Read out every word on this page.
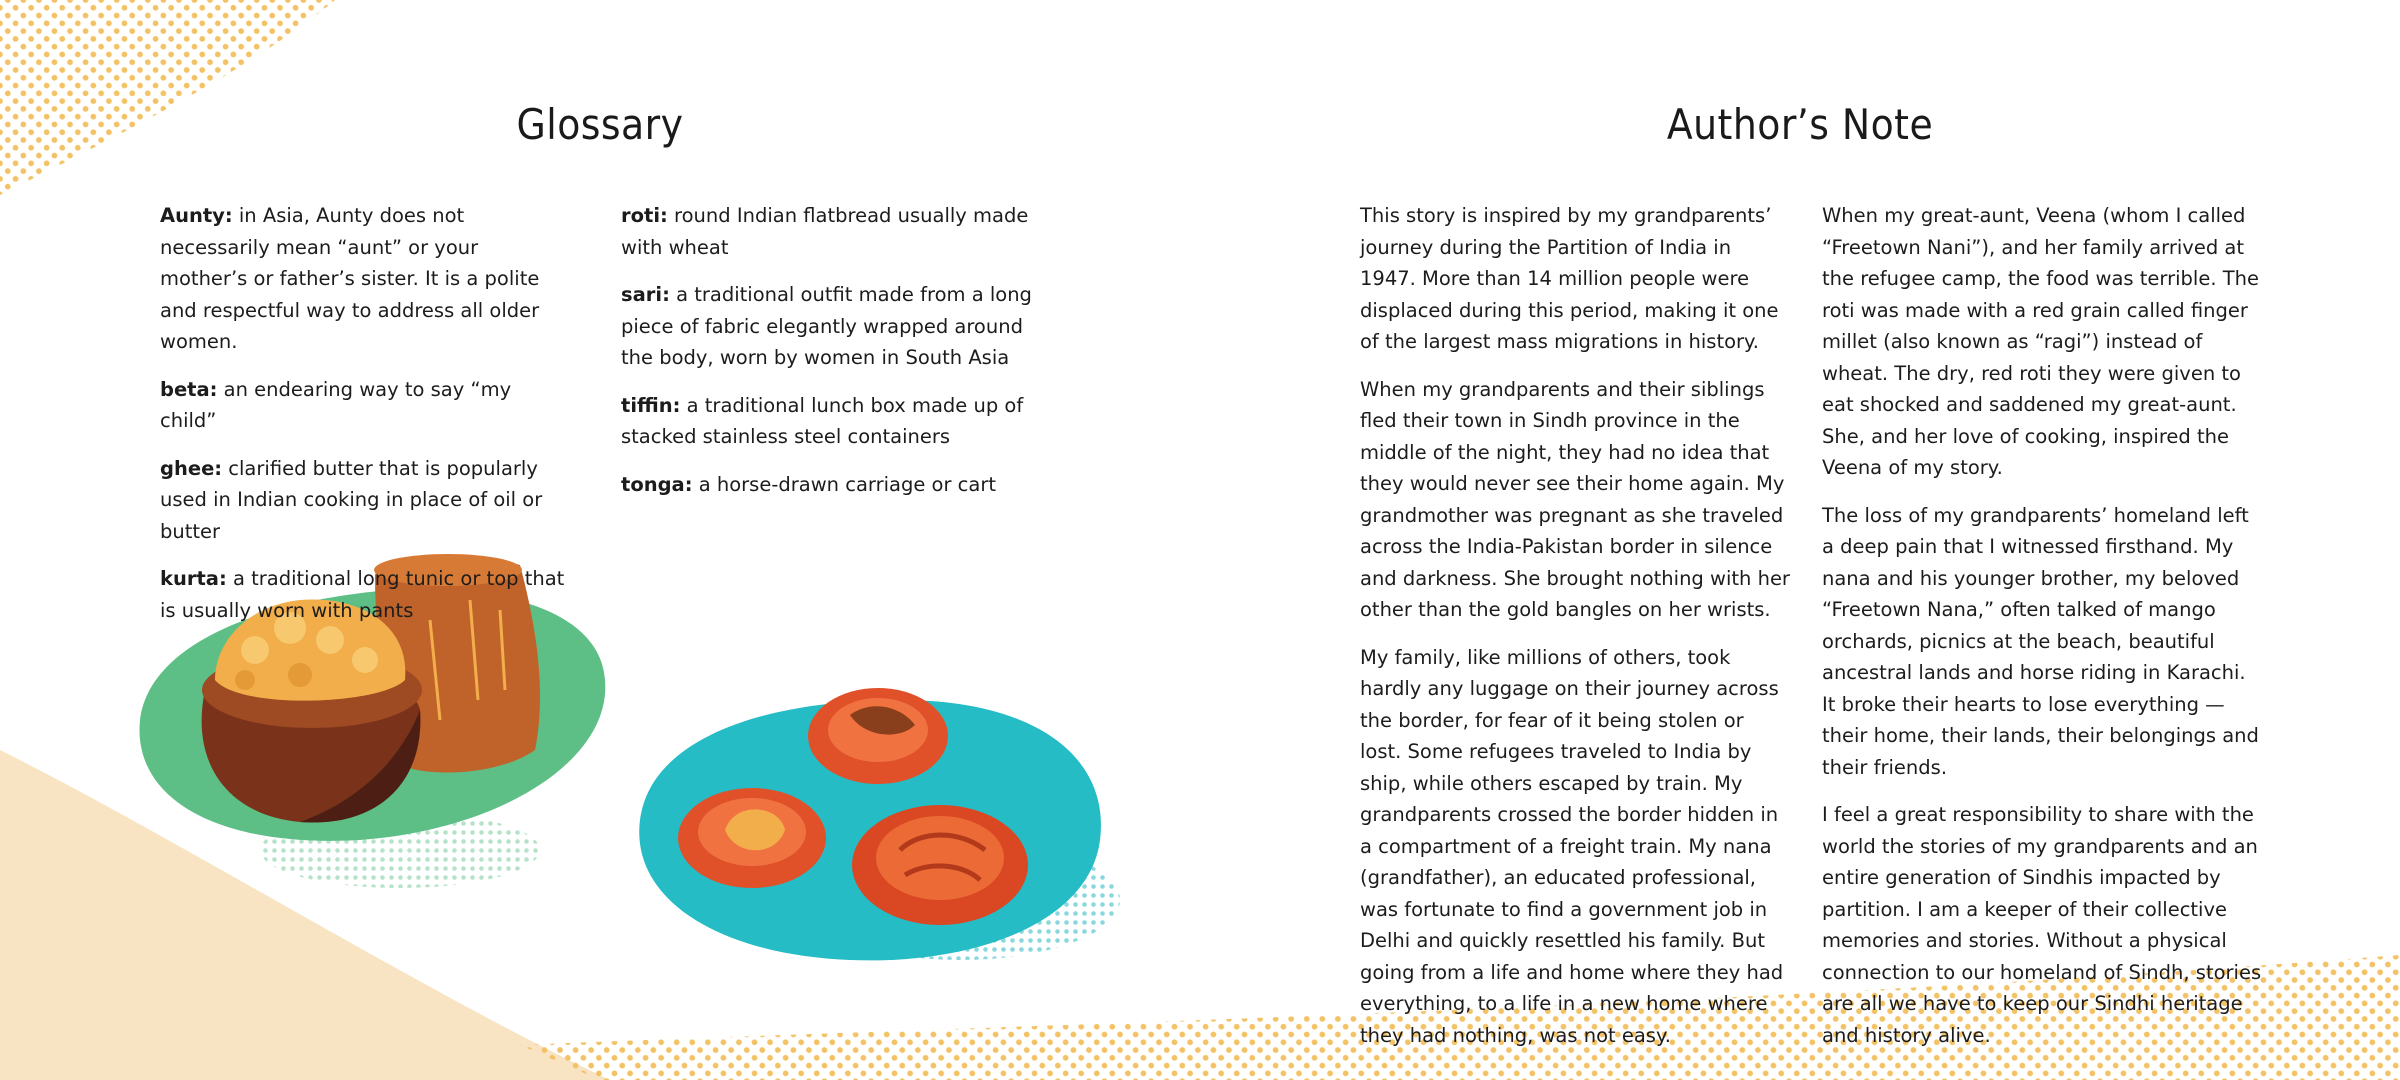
Glossary

Aunty: in Asia, Aunty does not necessarily mean “aunt” or your mother’s or father’s sister. It is a polite and respectful way to address all older women.

beta: an endearing way to say “my child”

ghee: clarified butter that is popularly used in Indian cooking in place of oil or butter

kurta: a traditional long tunic or top that is usually worn with pants

roti: round Indian flatbread usually made with wheat

sari: a traditional outfit made from a long piece of fabric elegantly wrapped around the body, worn by women in South Asia

tiffin: a traditional lunch box made up of stacked stainless steel containers

tonga: a horse-drawn carriage or cart

Author’s Note

This story is inspired by my grandparents’ journey during the Partition of India in 1947. More than 14 million people were displaced during this period, making it one of the largest mass migrations in history.

When my grandparents and their siblings fled their town in Sindh province in the middle of the night, they had no idea that they would never see their home again. My grandmother was pregnant as she traveled across the India-Pakistan border in silence and darkness. She brought nothing with her other than the gold bangles on her wrists.

My family, like millions of others, took hardly any luggage on their journey across the border, for fear of it being stolen or lost. Some refugees traveled to India by ship, while others escaped by train. My grandparents crossed the border hidden in a compartment of a freight train. My nana (grandfather), an educated professional, was fortunate to find a government job in Delhi and quickly resettled his family. But going from a life and home where they had everything, to a life in a new home where they had nothing, was not easy.

When my great-aunt, Veena (whom I called “Freetown Nani”), and her family arrived at the refugee camp, the food was terrible. The roti was made with a red grain called finger millet (also known as “ragi”) instead of wheat. The dry, red roti they were given to eat shocked and saddened my great-aunt. She, and her love of cooking, inspired the Veena of my story.

The loss of my grandparents’ homeland left a deep pain that I witnessed firsthand. My nana and his younger brother, my beloved “Freetown Nana,” often talked of mango orchards, picnics at the beach, beautiful ancestral lands and horse riding in Karachi. It broke their hearts to lose everything — their home, their lands, their belongings and their friends.

I feel a great responsibility to share with the world the stories of my grandparents and an entire generation of Sindhis impacted by partition. I am a keeper of their collective memories and stories. Without a physical connection to our homeland of Sindh, stories are all we have to keep our Sindhi heritage and history alive.
